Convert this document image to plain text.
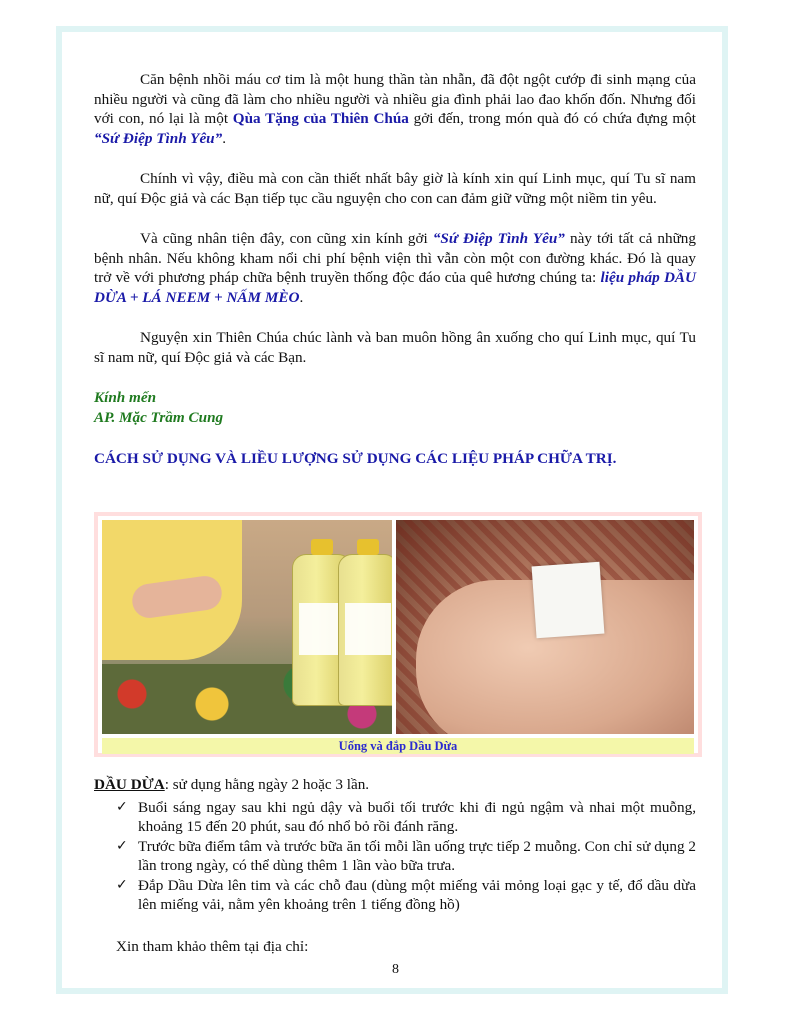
Căn bệnh nhồi máu cơ tim là một hung thần tàn nhẫn, đã đột ngột cướp đi sinh mạng của nhiều người và cũng đã làm cho nhiều người và nhiều gia đình phải lao đao khốn đốn. Nhưng đối với con, nó lại là một Qùa Tặng của Thiên Chúa gởi đến, trong món quà đó có chứa đựng một “Sứ Điệp Tình Yêu”.

Chính vì vậy, điều mà con cần thiết nhất bây giờ là kính xin quí Linh mục, quí Tu sĩ nam nữ, quí Độc giả và các Bạn tiếp tục cầu nguyện cho con can đảm giữ vững một niềm tin yêu.

Và cũng nhân tiện đây, con cũng xin kính gởi “Sứ Điệp Tình Yêu” này tới tất cả những bệnh nhân. Nếu không kham nổi chi phí bệnh viện thì vẫn còn một con đường khác. Đó là quay trở về với phương pháp chữa bệnh truyền thống độc đáo của quê hương chúng ta: liệu pháp DẦU DỪA + LÁ NEEM + NẤM MÈO.

Nguyện xin Thiên Chúa chúc lành và ban muôn hồng ân xuống cho quí Linh mục, quí Tu sĩ nam nữ, quí Độc giả và các Bạn.

Kính mến

AP. Mặc Trầm Cung

CÁCH SỬ DỤNG VÀ LIỀU LƯỢNG SỬ DỤNG CÁC LIỆU PHÁP CHỮA TRỊ.

Uống và đắp Dầu Dừa

DẦU DỪA: sử dụng hằng ngày 2 hoặc 3 lần.

✓ Buổi sáng ngay sau khi ngủ dậy và buổi tối trước khi đi ngủ ngậm và nhai một muỗng, khoảng 15 đến 20 phút, sau đó nhổ bỏ rồi đánh răng.
✓ Trước bữa điểm tâm và trước bữa ăn tối mỗi lần uống trực tiếp 2 muỗng. Con chỉ sử dụng 2 lần trong ngày, có thể dùng thêm 1 lần vào bữa trưa.
✓ Đắp Dầu Dừa lên tim và các chỗ đau (dùng một miếng vải mỏng loại gạc y tế, đổ dầu dừa lên miếng vải, nằm yên khoảng trên 1 tiếng đồng hồ)

Xin tham khảo thêm tại địa chỉ:

8
